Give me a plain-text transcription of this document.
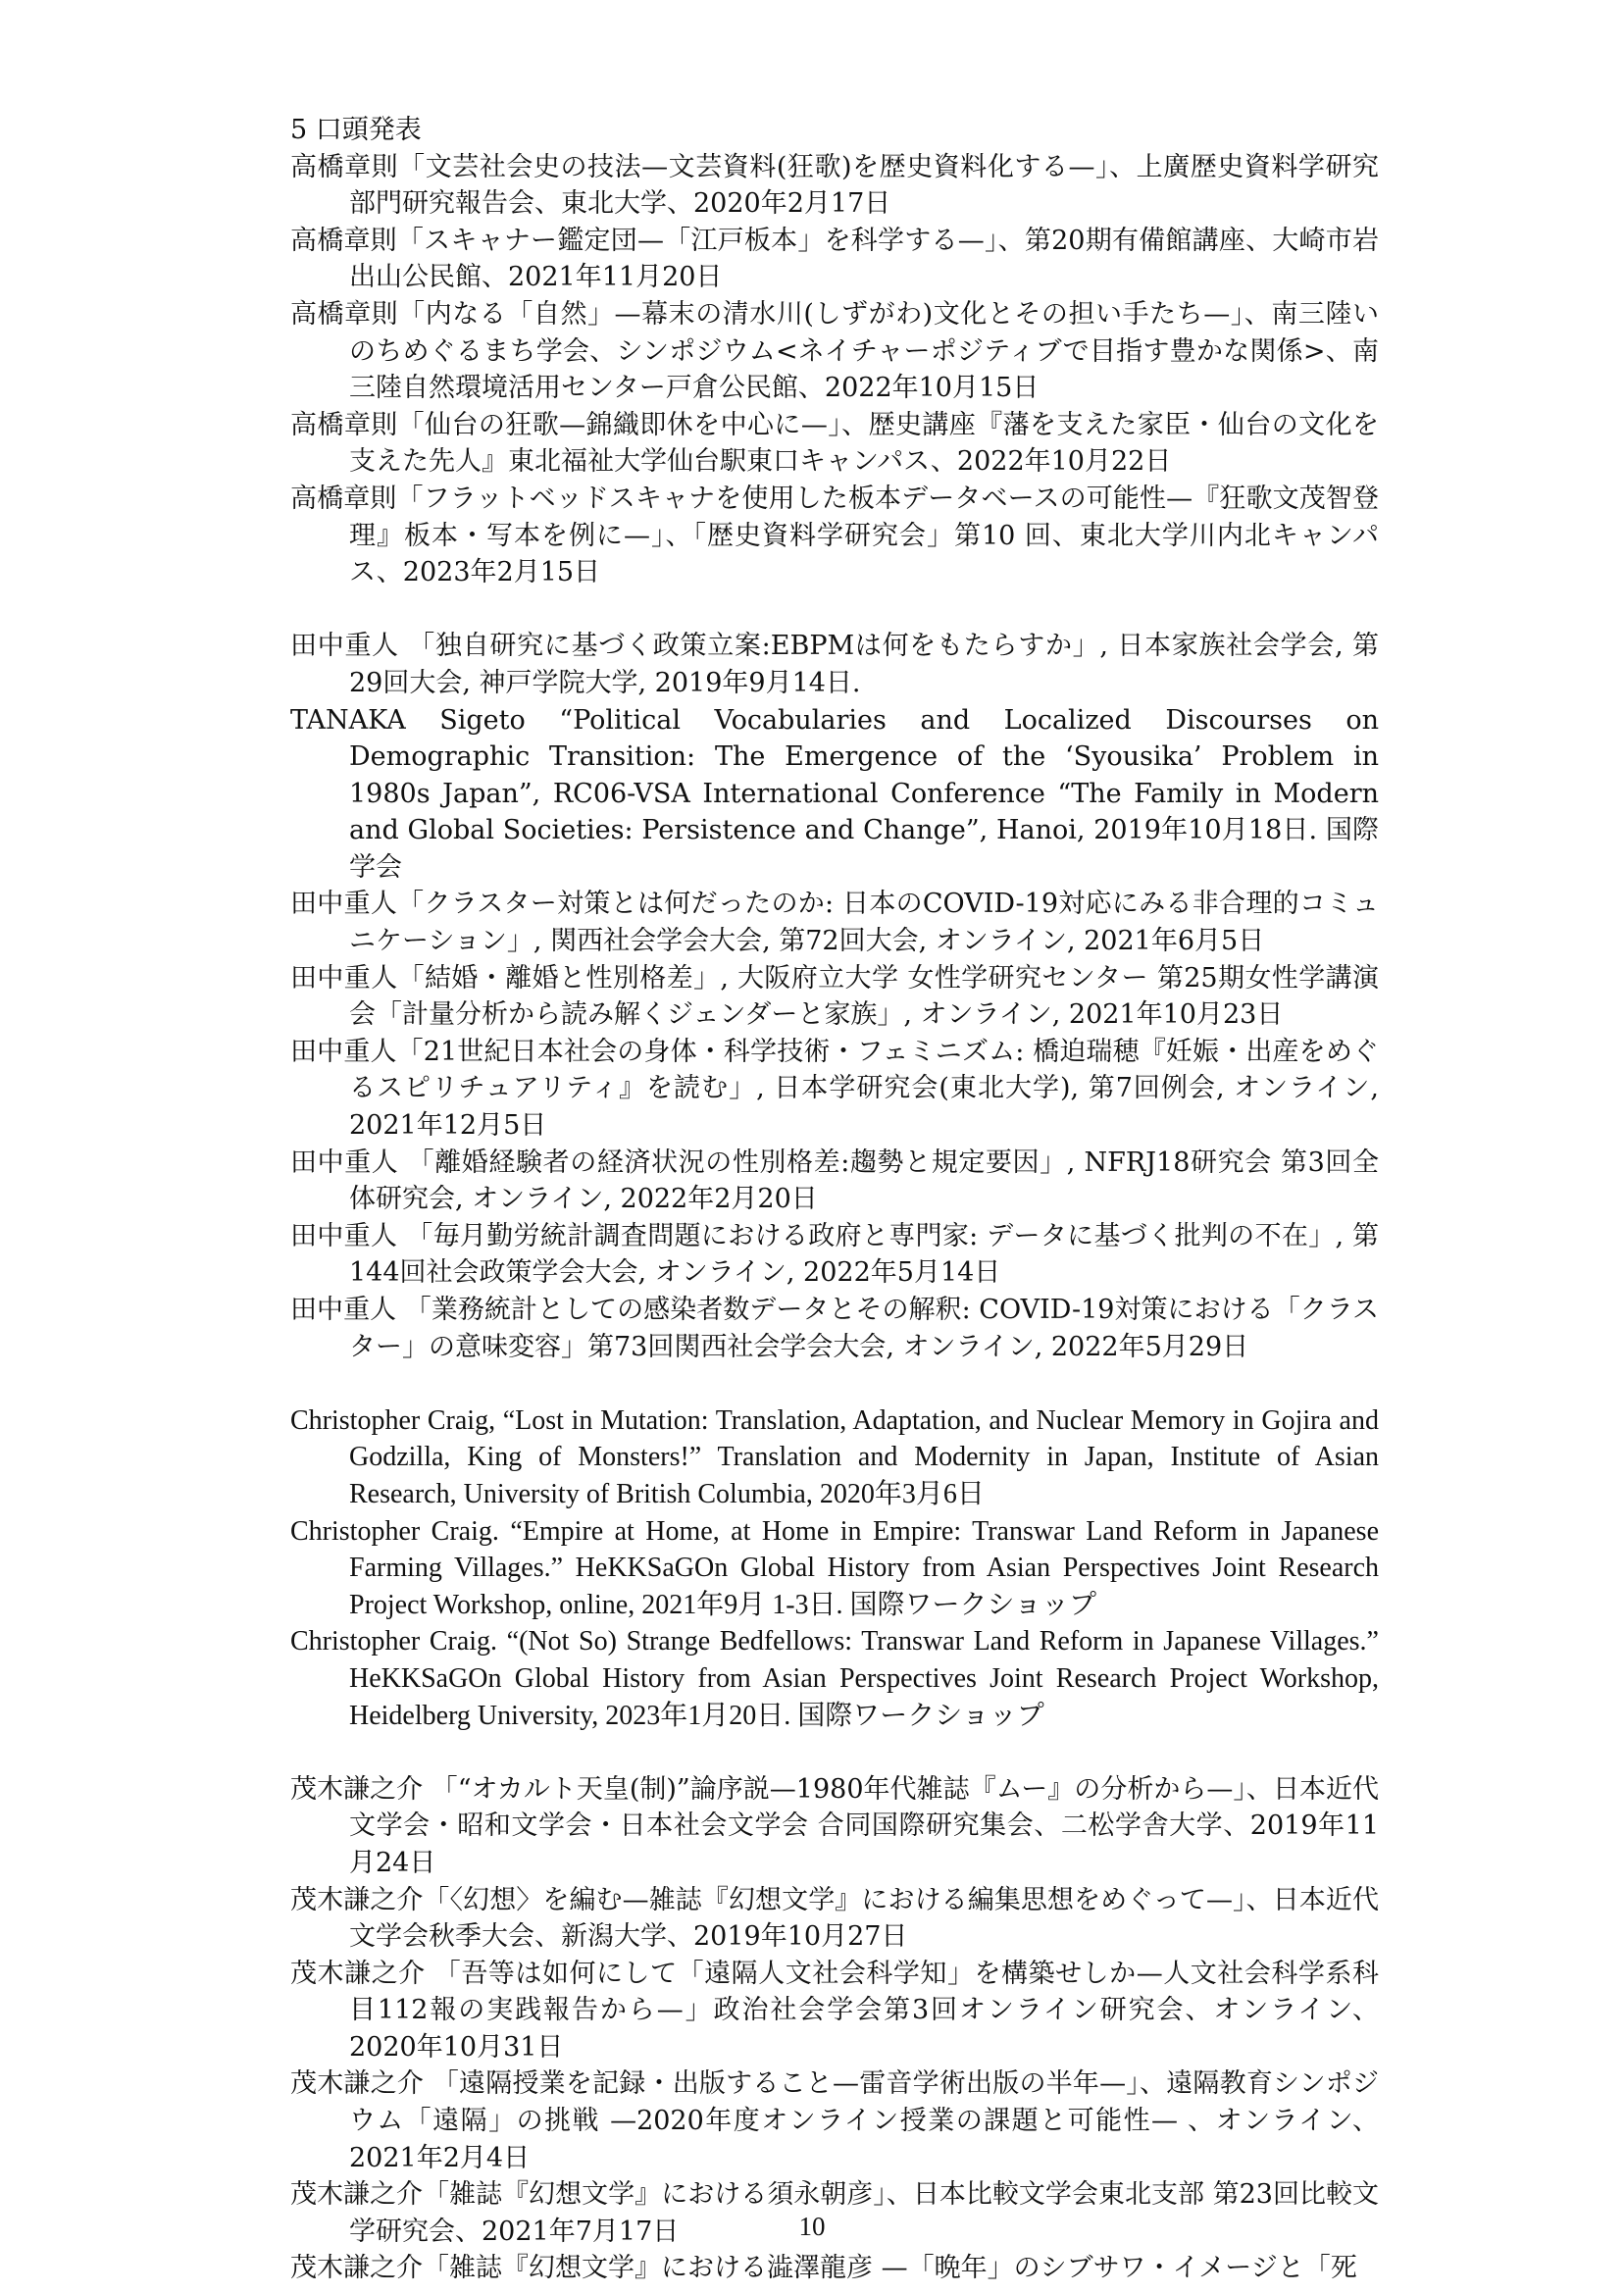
5 口頭発表

高橋章則「文芸社会史の技法—文芸資料(狂歌)を歴史資料化する—」、上廣歴史資料学研究部門研究報告会、東北大学、2020年2月17日

高橋章則「スキャナー鑑定団—「江戸板本」を科学する—」、第20期有備館講座、大崎市岩出山公民館、2021年11月20日

高橋章則「内なる「自然」—幕末の清水川(しずがわ)文化とその担い手たち—」、南三陸いのちめぐるまち学会、シンポジウム<ネイチャーポジティブで目指す豊かな関係>、南三陸自然環境活用センター戸倉公民館、2022年10月15日

高橋章則「仙台の狂歌—錦織即休を中心に—」、歴史講座『藩を支えた家臣・仙台の文化を支えた先人』東北福祉大学仙台駅東口キャンパス、2022年10月22日

高橋章則「フラットベッドスキャナを使用した板本データベースの可能性—『狂歌文茂智登理』板本・写本を例に—」、「歴史資料学研究会」第10 回、東北大学川内北キャンパス、2023年2月15日

田中重人 「独自研究に基づく政策立案:EBPMは何をもたらすか」, 日本家族社会学会, 第29回大会, 神戸学院大学, 2019年9月14日.

TANAKA Sigeto “Political Vocabularies and Localized Discourses on Demographic Transition: The Emergence of the ‘Syousika’ Problem in 1980s Japan”, RC06-VSA International Conference “The Family in Modern and Global Societies: Persistence and Change”, Hanoi, 2019年10月18日. 国際学会

田中重人「クラスター対策とは何だったのか: 日本のCOVID-19対応にみる非合理的コミュニケーション」, 関西社会学会大会, 第72回大会, オンライン, 2021年6月5日

田中重人「結婚・離婚と性別格差」, 大阪府立大学 女性学研究センター 第25期女性学講演会「計量分析から読み解くジェンダーと家族」, オンライン, 2021年10月23日

田中重人「21世紀日本社会の身体・科学技術・フェミニズム: 橋迫瑞穂『妊娠・出産をめぐるスピリチュアリティ』を読む」, 日本学研究会(東北大学), 第7回例会, オンライン, 2021年12月5日

田中重人 「離婚経験者の経済状況の性別格差:趨勢と規定要因」, NFRJ18研究会 第3回全体研究会, オンライン, 2022年2月20日

田中重人 「毎月勤労統計調査問題における政府と専門家: データに基づく批判の不在」, 第144回社会政策学会大会, オンライン, 2022年5月14日

田中重人 「業務統計としての感染者数データとその解釈: COVID-19対策における「クラスター」の意味変容」第73回関西社会学会大会, オンライン, 2022年5月29日

Christopher Craig, “Lost in Mutation: Translation, Adaptation, and Nuclear Memory in Gojira and Godzilla, King of Monsters!” Translation and Modernity in Japan, Institute of Asian Research, University of British Columbia, 2020年3月6日

Christopher Craig. “Empire at Home, at Home in Empire: Transwar Land Reform in Japanese Farming Villages.” HeKKSaGOn Global History from Asian Perspectives Joint Research Project Workshop, online, 2021年9月 1-3日. 国際ワークショップ

Christopher Craig. “(Not So) Strange Bedfellows: Transwar Land Reform in Japanese Villages.” HeKKSaGOn Global History from Asian Perspectives Joint Research Project Workshop, Heidelberg University, 2023年1月20日. 国際ワークショップ

茂木謙之介 「“オカルト天皇(制)”論序説—1980年代雑誌『ムー』の分析から—」、日本近代文学会・昭和文学会・日本社会文学会 合同国際研究集会、二松学舎大学、2019年11月24日

茂木謙之介「〈幻想〉を編む—雑誌『幻想文学』における編集思想をめぐって—」、日本近代文学会秋季大会、新潟大学、2019年10月27日

茂木謙之介 「吾等は如何にして「遠隔人文社会科学知」を構築せしか—人文社会科学系科目112報の実践報告から—」政治社会学会第3回オンライン研究会、オンライン、2020年10月31日

茂木謙之介 「遠隔授業を記録・出版すること—雷音学術出版の半年—」、遠隔教育シンポジウム「遠隔」の挑戦 —2020年度オンライン授業の課題と可能性— 、オンライン、2021年2月4日

茂木謙之介「雑誌『幻想文学』における須永朝彦」、日本比較文学会東北支部 第23回比較文学研究会、2021年7月17日

茂木謙之介「雑誌『幻想文学』における澁澤龍彦 —「晩年」のシブサワ・イメージと「死

10
